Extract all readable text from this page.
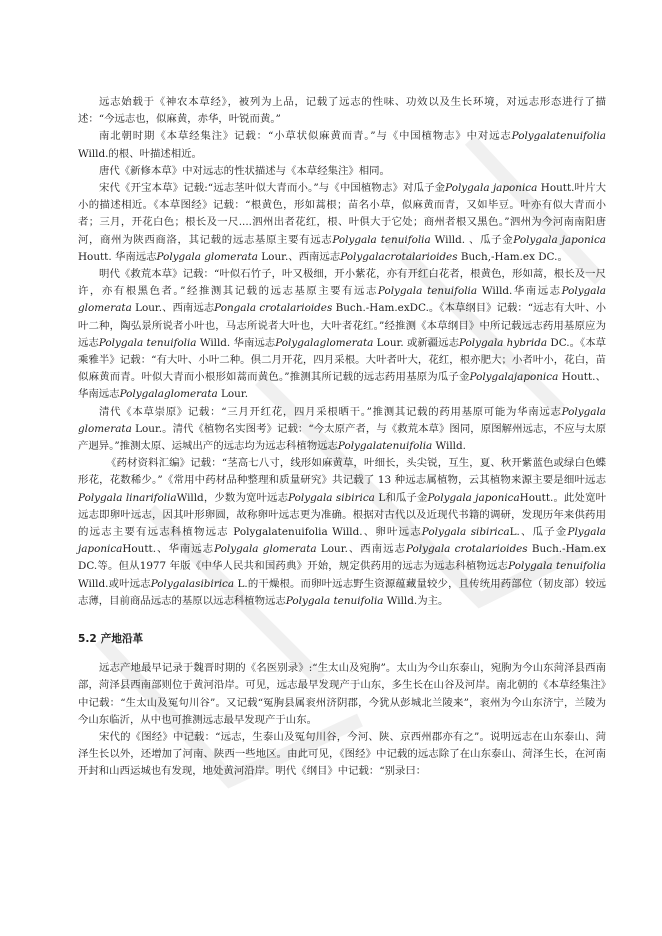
远志始载于《神农本草经》，被列为上品，记载了远志的性味、功效以及生长环境，对远志形态进行了描述：“今远志也，似麻黄，赤华，叶锐而黄。”

南北朝时期《本草经集注》记载：“小草状似麻黄而青。”与《中国植物志》中对远志Polygalatenuifolia Willd.的根、叶描述相近。

唐代《新修本草》中对远志的性状描述与《本草经集注》相同。

宋代《开宝本草》记载:“远志茎叶似大青而小。”与《中国植物志》对瓜子金Polygala japonica Houtt.叶片大小的描述相近。《本草图经》记载：“根黄色，形如蒿根；苗名小草，似麻黄而青，又如毕豆。叶亦有似大青而小者；三月，开花白色；根长及一尺....泗州出者花红，根、叶俱大于它处；商州者根又黑色。”泗州为今河南南阳唐河，商州为陕西商洛，其记载的远志基原主要有远志Polygala tenuifolia Willd. 、瓜子金Polygala japonica Houtt. 华南远志Polygala glomerata Lour.、西南远志Polygalacrotalarioides Buch,-Ham.ex DC.。

明代《救荒本草》记载：“叶似石竹子，叶又极细，开小紫花，亦有开红白花者，根黄色，形如蒿，根长及一尺许，亦有根黑色者。”经推测其记载的远志基原主要有远志Polygala tenuifolia Willd.华南远志Polygala glomerata Lour.、西南远志Pongala crotalarioides Buch.-Ham.exDC.。《本草纲目》记载：“远志有大叶、小叶二种，陶弘景所说者小叶也，马志所说者大叶也，大叶者花红。”经推测《本草纲目》中所记载远志药用基原应为远志Polygala tenuifolia Willd. 华南远志Polygalaglomerata Lour. 或新疆远志Polygala hybrida DC.。《本草乘雅半》记载：“有大叶、小叶二种。倶二月开花，四月采根。大叶者叶大，花红，根亦肥大；小者叶小，花白，苗似麻黄而青。叶似大青而小根形如蒿而黄色。”推测其所记载的远志药用基原为瓜子金Polygalajaponica Houtt.、华南远志Polygalaglomerata Lour.

清代《本草崇原》记载：“三月开红花，四月采根晒干。”推测其记载的药用基原可能为华南远志Polygala glomerata Lour.。清代《植物名实图考》记载：“今太原产者，与《救荒本草》图同，原图解州远志，不应与太原产迥异。”推测太原、运城出产的远志均为远志科植物远志Polygalatenuifolia Willd.

《药材资料汇编》记载：“茎高七八寸，线形如麻黄草，叶细长，头尖锐，互生，夏、秋开紫蓝色或绿白色蝶形花，花数稀少。”《常用中药材品种整理和质量研究》共记载了 13 种远志属植物，云其植物来源主要是细叶远志Polygala linarifoliaWilld，少数为宽叶远志Polygala sibirica L和瓜子金Polygala japonicaHoutt.。此处宽叶远志即卵叶远志，因其叶形卵圆，故称卵叶远志更为准确。根据对古代以及近现代书籍的调研，发现历年来供药用的远志主要有远志科植物远志 Polygalatenuifolia Willd.、卵叶远志Polygala sibiricaL.、瓜子金Plygala japonicaHoutt.、华南远志Polygala glomerata Lour.、西南远志Polygala crotalarioides Buch.-Ham.ex DC.等。但从1977 年版《中华人民共和国药典》开始，规定供药用的远志为远志科植物远志Polygala tenuifolia Willd.或叶远志Polygalasibirica L.的干燥根。而卵叶远志野生资源蕴藏量较少，且传统用药部位（韧皮部）较远志薄，目前商品远志的基原以远志科植物远志Polygala tenuifolia Willd.为主。

5.2 产地沿革

远志产地最早记录于魏晋时期的《名医别录》:“生太山及宛朐”。太山为今山东泰山，宛朐为今山东菏泽县西南部，菏泽县西南部则位于黄河沿岸。可见，远志最早发现产于山东，多生长在山谷及河岸。南北朝的《本草经集注》中记载：“生太山及冤句川谷”。又记载“冤朐县属衮州济阴郡，今犹从彭城北兰陵来”，衮州为今山东济宁，兰陵为今山东临沂，从中也可推测远志最早发现产于山东。

宋代的《图经》中记载：“远志，生泰山及冤句川谷，今河、陕、京西州郡亦有之”。说明远志在山东泰山、菏泽生长以外，还增加了河南、陕西一些地区。由此可见，《图经》中记载的远志除了在山东泰山、菏泽生长，在河南开封和山西运城也有发现，地处黄河沿岸。明代《纲目》中记载：“别录曰：
